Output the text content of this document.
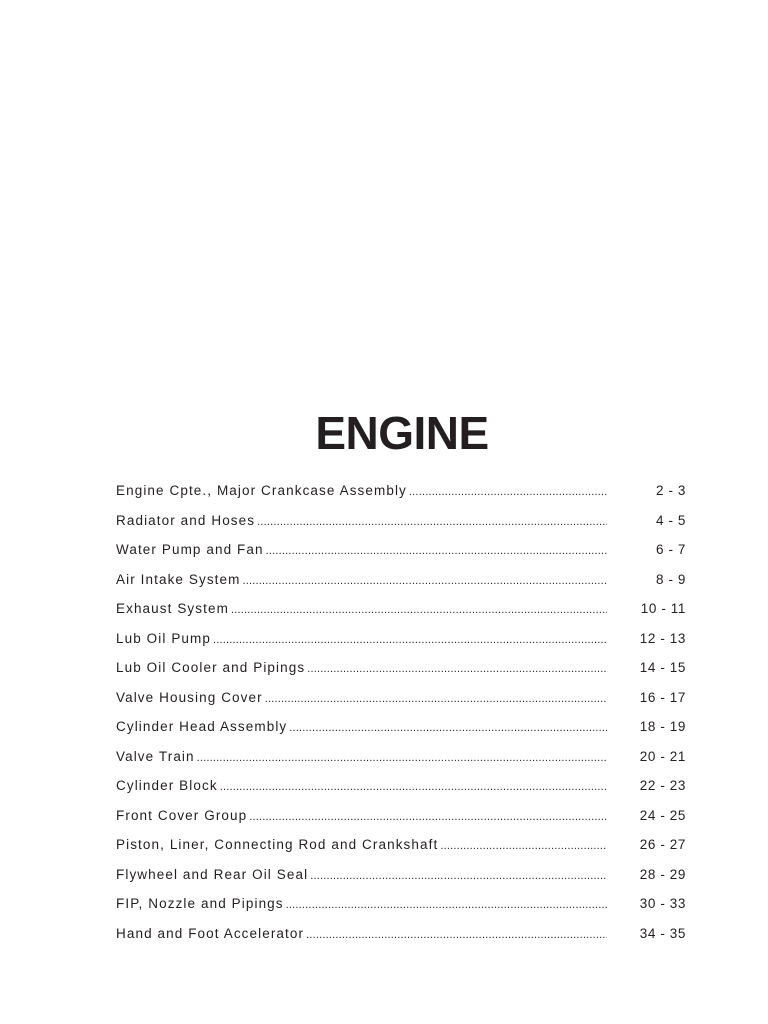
ENGINE
Engine Cpte., Major Crankcase Assembly .....	2 - 3
Radiator and Hoses .....	4 - 5
Water Pump and Fan .....	6 - 7
Air Intake System .....	8 - 9
Exhaust System .....	10 - 11
Lub Oil Pump .....	12 - 13
Lub Oil Cooler and Pipings .....	14 - 15
Valve Housing Cover .....	16 - 17
Cylinder Head Assembly .....	18 - 19
Valve Train .....	20 - 21
Cylinder Block .....	22 - 23
Front Cover Group .....	24 - 25
Piston, Liner, Connecting Rod and Crankshaft .....	26 - 27
Flywheel and Rear Oil Seal .....	28 - 29
FIP, Nozzle and Pipings .....	30 - 33
Hand and Foot Accelerator .....	34 - 35
